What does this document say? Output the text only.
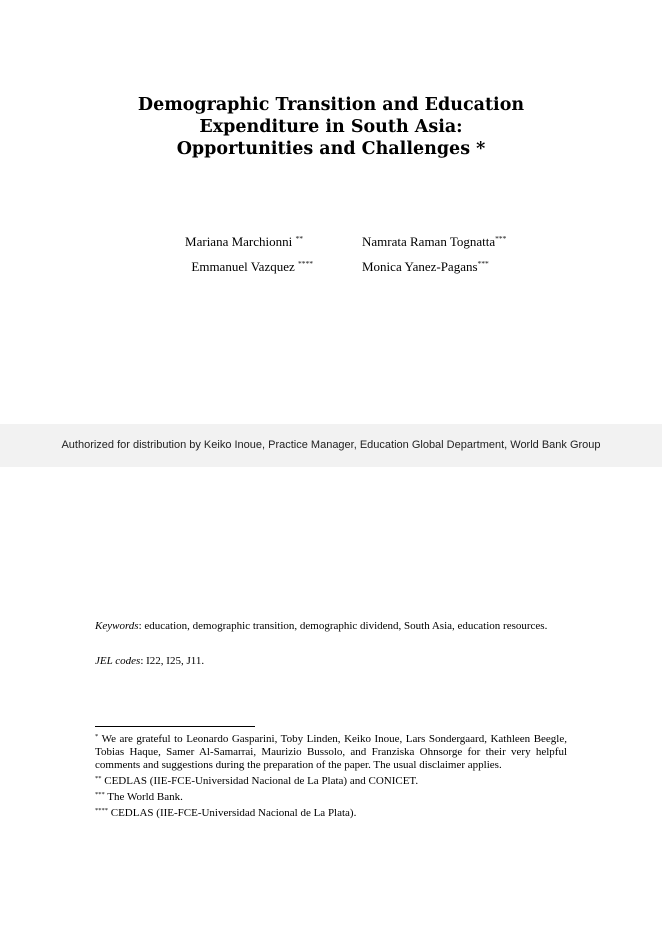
Demographic Transition and Education
Expenditure in South Asia:
Opportunities and Challenges *
Mariana Marchionni **	Namrata Raman Tognatta***
Emmanuel Vazquez ****	Monica Yanez-Pagans***
Authorized for distribution by Keiko Inoue, Practice Manager, Education Global Department, World Bank Group

Keywords: education, demographic transition, demographic dividend, South Asia, education resources.

JEL codes: I22, I25, J11.

* We are grateful to Leonardo Gasparini, Toby Linden, Keiko Inoue, Lars Sondergaard, Kathleen Beegle, Tobias Haque, Samer Al-Samarrai, Maurizio Bussolo, and Franziska Ohnsorge for their very helpful comments and suggestions during the preparation of the paper. The usual disclaimer applies.

** CEDLAS (IIE-FCE-Universidad Nacional de La Plata) and CONICET.

*** The World Bank.

**** CEDLAS (IIE-FCE-Universidad Nacional de La Plata).
